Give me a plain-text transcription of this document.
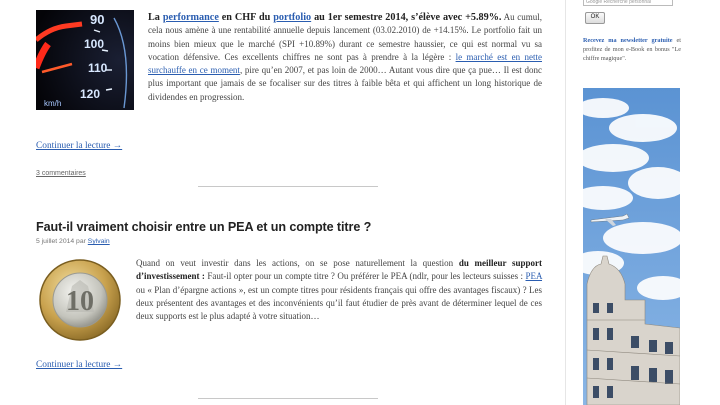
90
100
110
120
km/h
La performance en CHF du portfolio au 1er semestre 2014, s’élève avec +5.89%. Au cumul, cela nous amène à une rentabilité annuelle depuis lancement (03.02.2010) de +14.15%. Le portfolio fait un moins bien mieux que le marché (SPI +10.89%) durant ce semestre haussier, ce qui est normal vu sa vocation défensive. Ces excellents chiffres ne sont pas à prendre à la légère : le marché est en nette surchauffe en ce moment, pire qu’en 2007, et pas loin de 2000… Autant vous dire que ça pue… Il est donc plus important que jamais de se focaliser sur des titres à faible bêta et qui affichent un long historique de dividendes en progression.
Continuer la lecture →
3 commentaires
Faut-il vraiment choisir entre un PEA et un compte titre ?
5 juillet 2014 par Sylvain
10
Quand on veut investir dans les actions, on se pose naturellement la question du meilleur support d’investissement : Faut-il opter pour un compte titre ? Ou préférer le PEA (ndlr, pour les lecteurs suisses : PEA ou « Plan d’épargne actions », est un compte titres pour résidents français qui offre des avantages fiscaux) ? Les deux présentent des avantages et des inconvénients qu’il faut étudier de près avant de déterminer lequel de ces deux supports est le plus adapté à votre situation…
Continuer la lecture →
Google Recherche personnal
OK
Recevez ma newsletter gratuite et profitez de mon e-Book en bonus "Le chiffre magique".
